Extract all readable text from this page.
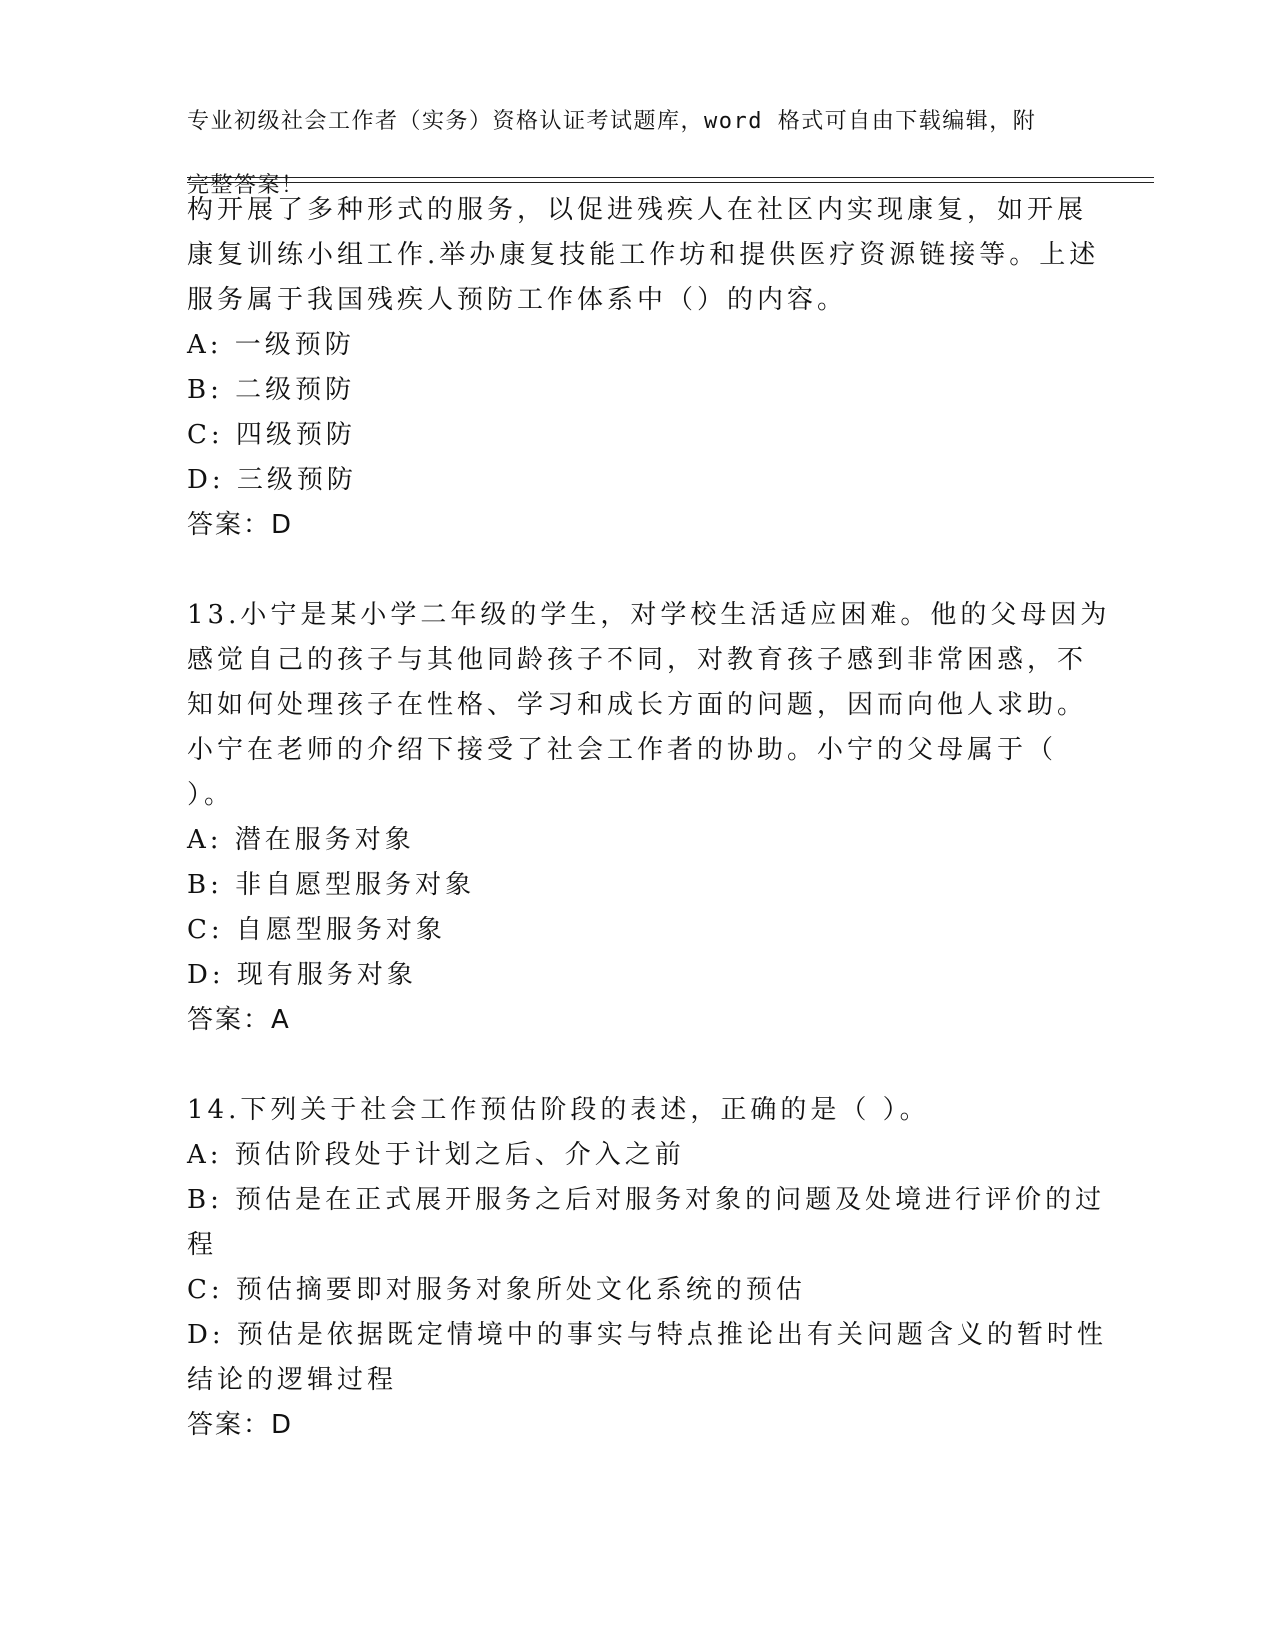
专业初级社会工作者（实务）资格认证考试题库，word 格式可自由下载编辑，附

完整答案！

构开展了多种形式的服务，以促进残疾人在社区内实现康复，如开展
康复训练小组工作.举办康复技能工作坊和提供医疗资源链接等。上述
服务属于我国残疾人预防工作体系中（）的内容。
A: 一级预防
B: 二级预防
C: 四级预防
D: 三级预防
答案：D
13.小宁是某小学二年级的学生，对学校生活适应困难。他的父母因为
感觉自己的孩子与其他同龄孩子不同，对教育孩子感到非常困惑，不
知如何处理孩子在性格、学习和成长方面的问题，因而向他人求助。
小宁在老师的介绍下接受了社会工作者的协助。小宁的父母属于（
）。
A: 潜在服务对象
B: 非自愿型服务对象
C: 自愿型服务对象
D: 现有服务对象
答案：A
14.下列关于社会工作预估阶段的表述，正确的是（ ）。
A: 预估阶段处于计划之后、介入之前
B: 预估是在正式展开服务之后对服务对象的问题及处境进行评价的过
程
C: 预估摘要即对服务对象所处文化系统的预估
D: 预估是依据既定情境中的事实与特点推论出有关问题含义的暂时性
结论的逻辑过程
答案：D
